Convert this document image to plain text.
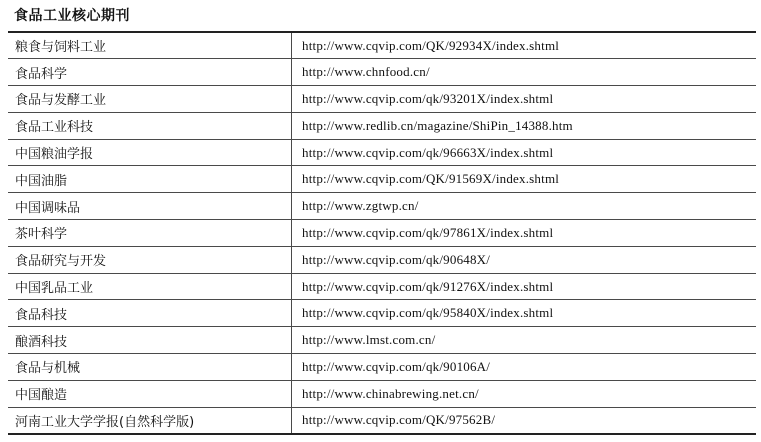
食品工业核心期刊
粮食与饲料工业	http://www.cqvip.com/QK/92934X/index.shtml
食品科学	http://www.chnfood.cn/
食品与发酵工业	http://www.cqvip.com/qk/93201X/index.shtml
食品工业科技	http://www.redlib.cn/magazine/ShiPin_14388.htm
中国粮油学报	http://www.cqvip.com/qk/96663X/index.shtml
中国油脂	http://www.cqvip.com/QK/91569X/index.shtml
中国调味品	http://www.zgtwp.cn/
茶叶科学	http://www.cqvip.com/qk/97861X/index.shtml
食品研究与开发	http://www.cqvip.com/qk/90648X/
中国乳品工业	http://www.cqvip.com/qk/91276X/index.shtml
食品科技	http://www.cqvip.com/qk/95840X/index.shtml
酿酒科技	http://www.lmst.com.cn/
食品与机械	http://www.cqvip.com/qk/90106A/
中国酿造	http://www.chinabrewing.net.cn/
河南工业大学学报(自然科学版)	http://www.cqvip.com/QK/97562B/
